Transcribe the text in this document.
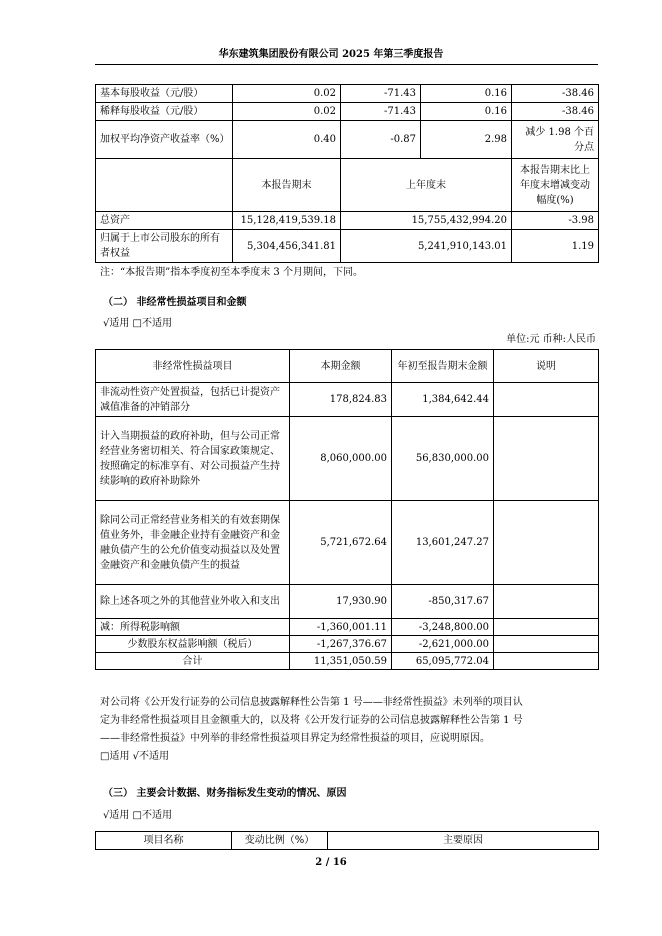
华东建筑集团股份有限公司 2025 年第三季度报告
基本每股收益（元/股）	0.02	-71.43	0.16	-38.46
稀释每股收益（元/股）	0.02	-71.43	0.16	-38.46
加权平均净资产收益率（%）	0.40	-0.87	2.98	减少 1.98 个百分点
	本报告期末	上年度末		本报告期末比上年度末增减变动幅度(%)
总资产	15,128,419,539.18	15,755,432,994.20		-3.98
归属于上市公司股东的所有者权益	5,304,456,341.81	5,241,910,143.01		1.19
注：“本报告期”指本季度初至本季度末 3 个月期间，下同。
（二） 非经常性损益项目和金额
√适用 □不适用
单位:元 币种:人民币
非经常性损益项目	本期金额	年初至报告期末金额	说明
非流动性资产处置损益，包括已计提资产减值准备的冲销部分	178,824.83	1,384,642.44	
计入当期损益的政府补助，但与公司正常经营业务密切相关、符合国家政策规定、按照确定的标准享有、对公司损益产生持续影响的政府补助除外	8,060,000.00	56,830,000.00	
除同公司正常经营业务相关的有效套期保值业务外，非金融企业持有金融资产和金融负债产生的公允价值变动损益以及处置金融资产和金融负债产生的损益	5,721,672.64	13,601,247.27	
除上述各项之外的其他营业外收入和支出	17,930.90	-850,317.67	
减：所得税影响额	-1,360,001.11	-3,248,800.00	
少数股东权益影响额（税后）	-1,267,376.67	-2,621,000.00	
合计	11,351,050.59	65,095,772.04	
对公司将《公开发行证券的公司信息披露解释性公告第 1 号——非经常性损益》未列举的项目认
定为非经常性损益项目且金额重大的，以及将《公开发行证券的公司信息披露解释性公告第 1 号
——非经常性损益》中列举的非经常性损益项目界定为经常性损益的项目，应说明原因。
□适用 √不适用
（三） 主要会计数据、财务指标发生变动的情况、原因
√适用 □不适用
项目名称	变动比例（%）	主要原因
2 / 16
